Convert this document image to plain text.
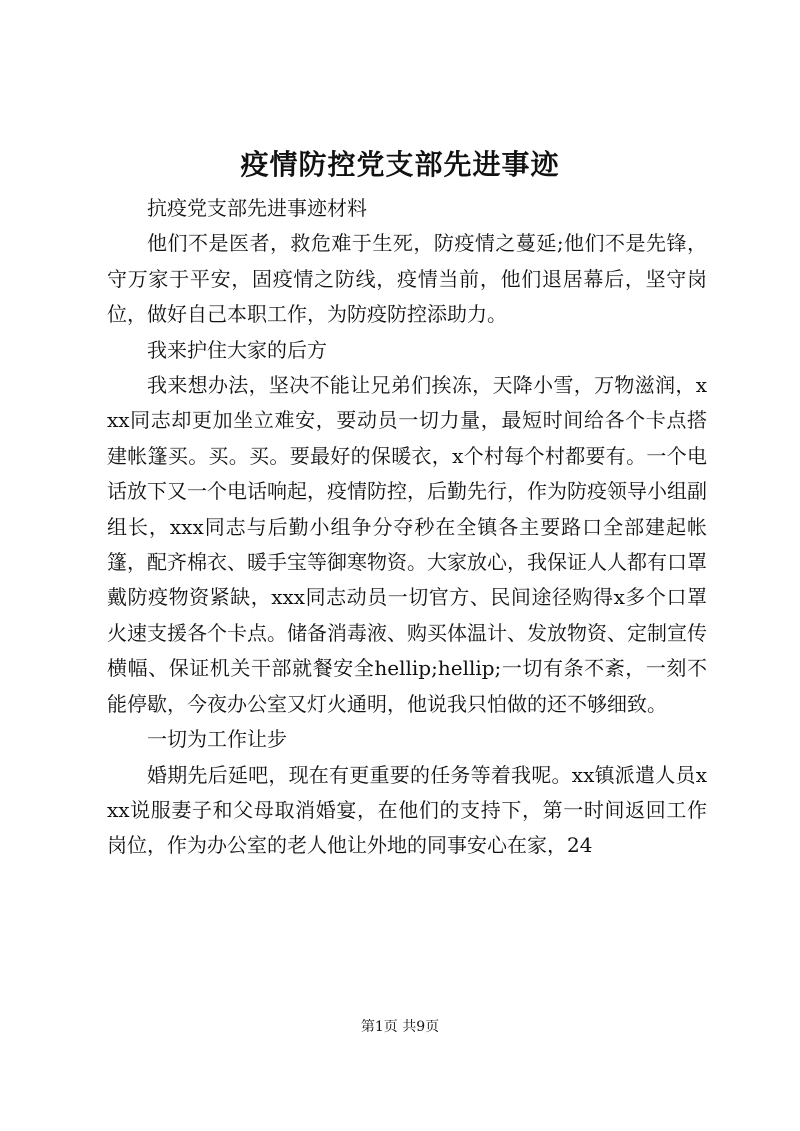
疫情防控党支部先进事迹

抗疫党支部先进事迹材料

他们不是医者，救危难于生死，防疫情之蔓延;他们不是先锋，守万家于平安，固疫情之防线，疫情当前，他们退居幕后，坚守岗位，做好自己本职工作，为防疫防控添助力。

我来护住大家的后方

我来想办法，坚决不能让兄弟们挨冻，天降小雪，万物滋润，xxx同志却更加坐立难安，要动员一切力量，最短时间给各个卡点搭建帐篷买。买。买。要最好的保暖衣，x个村每个村都要有。一个电话放下又一个电话响起，疫情防控，后勤先行，作为防疫领导小组副组长，xxx同志与后勤小组争分夺秒在全镇各主要路口全部建起帐篷，配齐棉衣、暖手宝等御寒物资。大家放心，我保证人人都有口罩戴防疫物资紧缺，xxx同志动员一切官方、民间途径购得x多个口罩火速支援各个卡点。储备消毒液、购买体温计、发放物资、定制宣传横幅、保证机关干部就餐安全hellip;hellip;一切有条不紊，一刻不能停歇，今夜办公室又灯火通明，他说我只怕做的还不够细致。

一切为工作让步

婚期先后延吧，现在有更重要的任务等着我呢。xx镇派遣人员xxx说服妻子和父母取消婚宴，在他们的支持下，第一时间返回工作岗位，作为办公室的老人他让外地的同事安心在家，24

第1页 共9页
